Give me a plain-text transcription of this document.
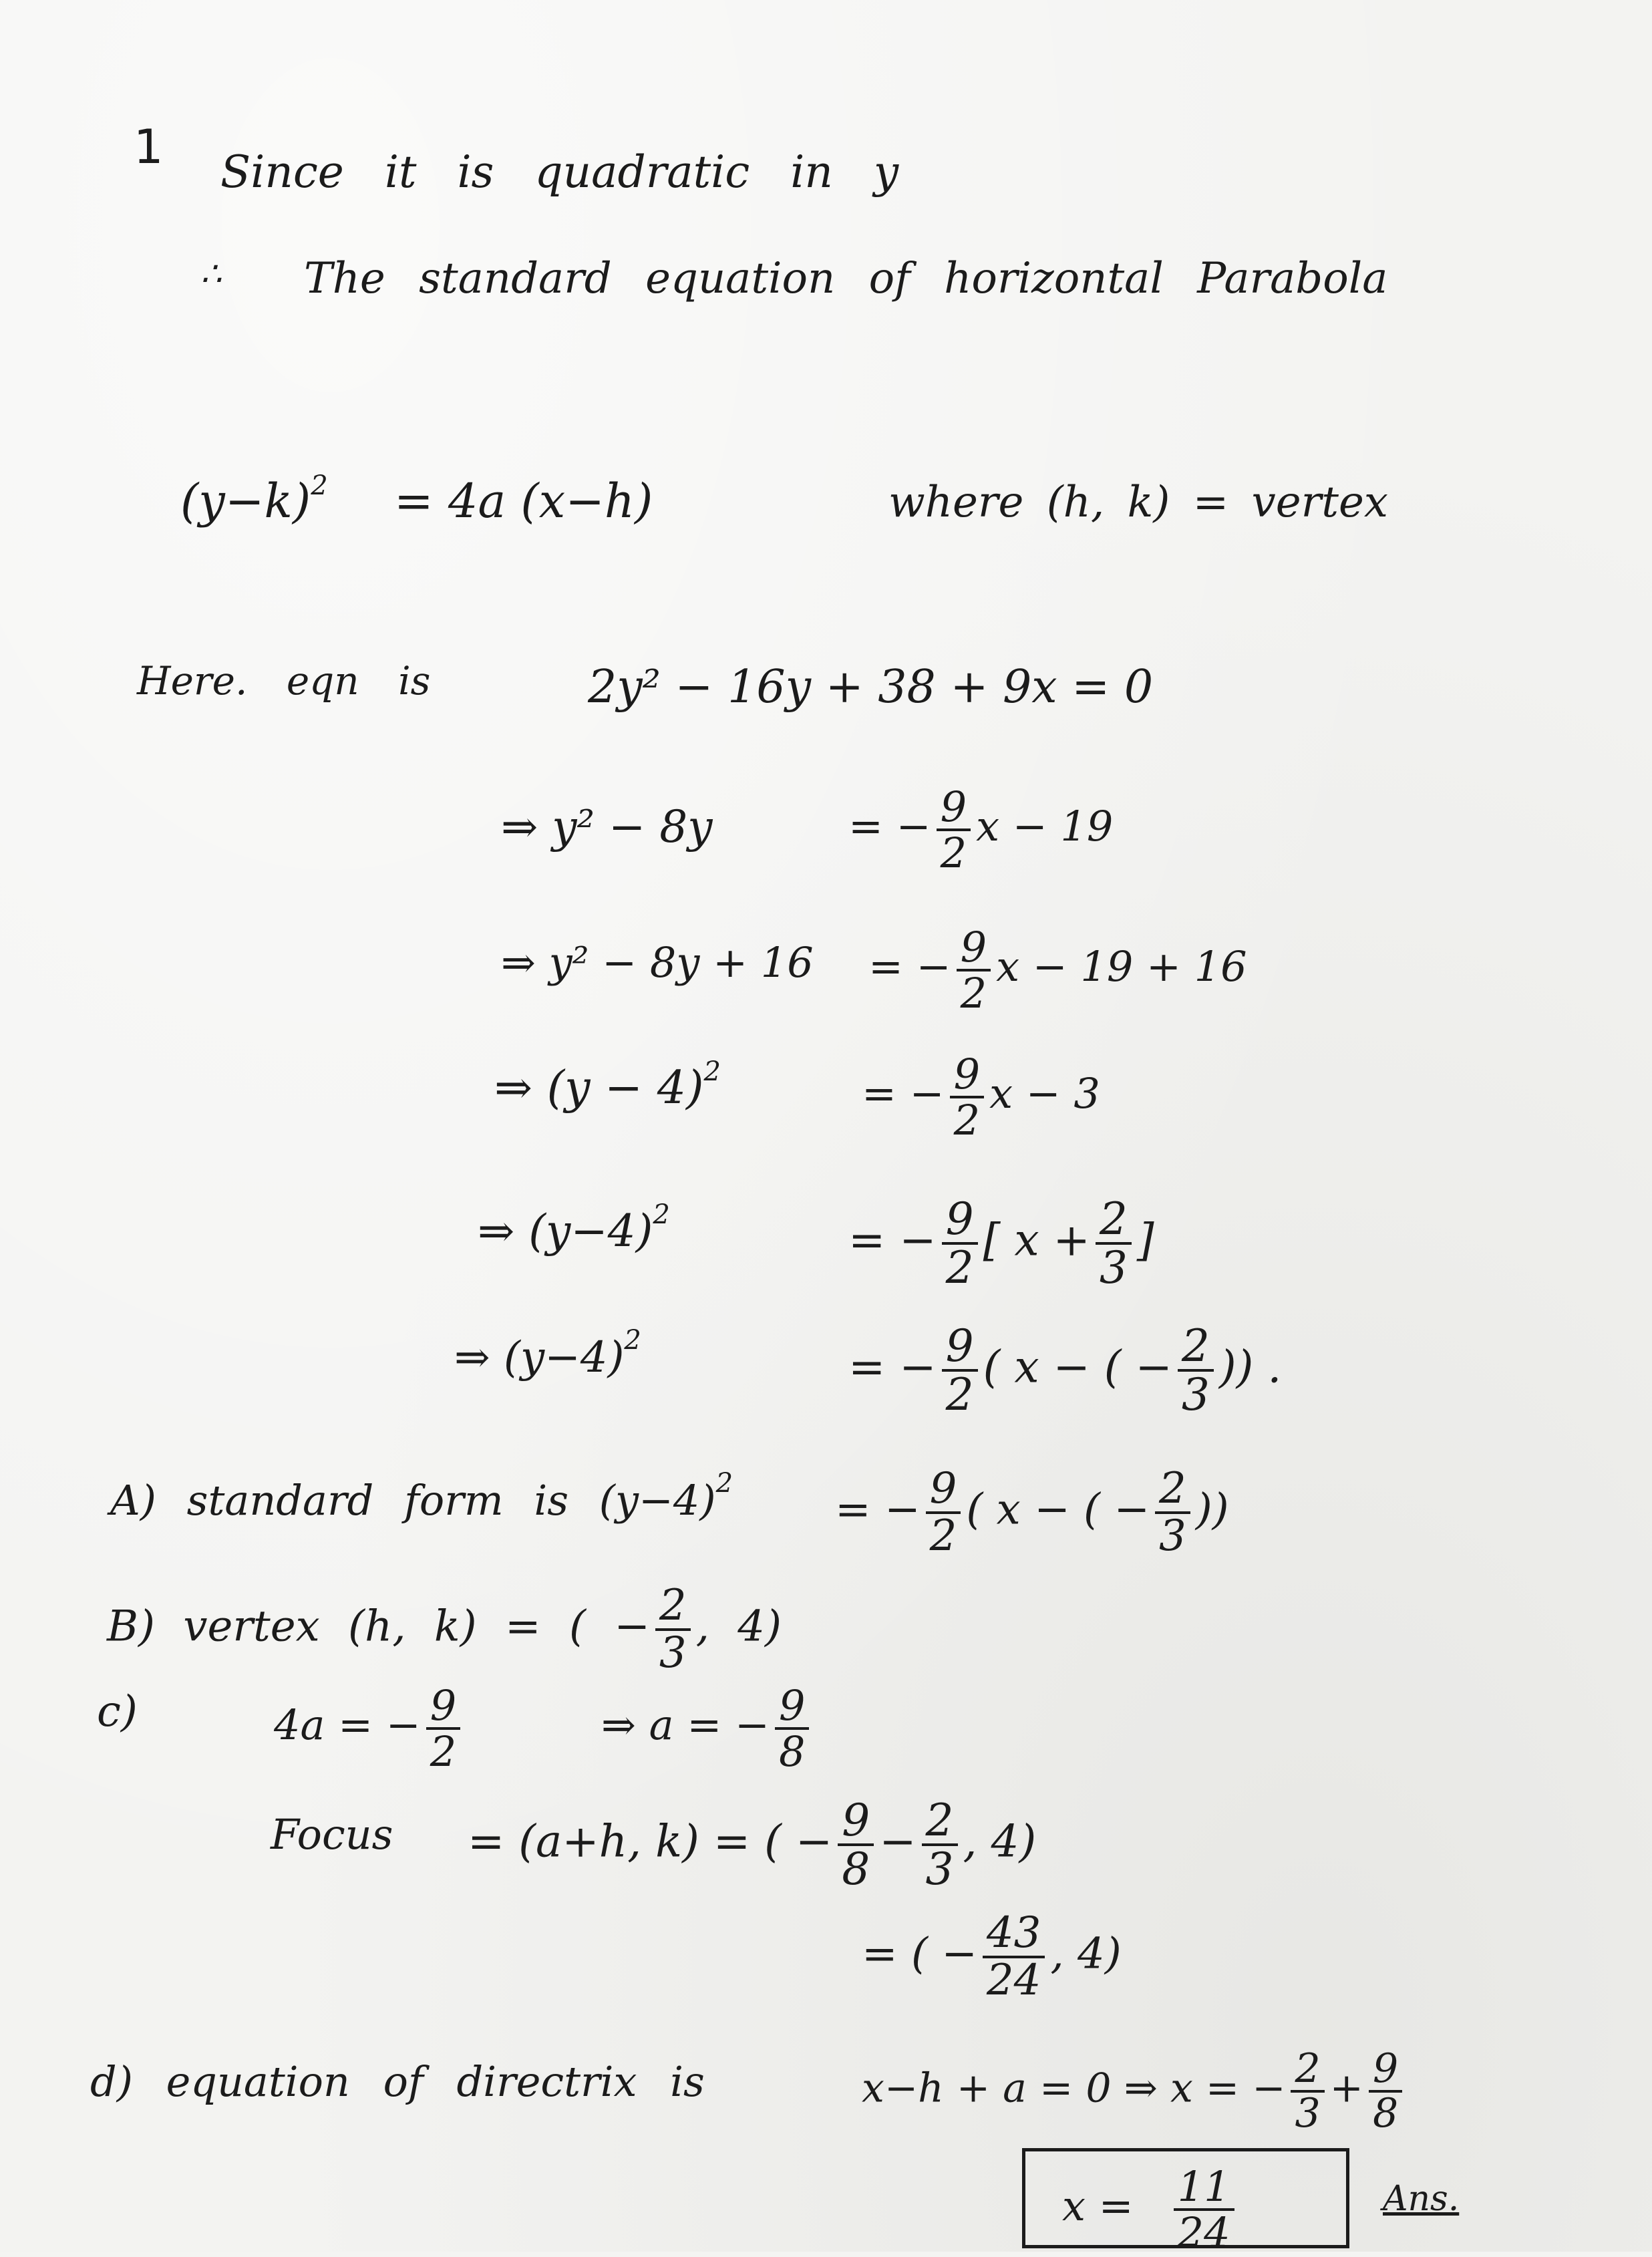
1 Since it is quadratic in y
∴ The standard equation of horizontal Parabola
$(y-k)^2 = 4a$ (x−h)	where (h, k) = vertex
Here. eqn is	2y² − 16y + 38 + 9x = 0
⇒ y² − 8y	= − $\frac{9}{2}$ x − 19
⇒ y² − 8y + 16 = − $\frac{9}{2}$ x − 19 + 16
⇒ $(y - 4)^2$	= − $\frac{9}{2}$ x − 3
⇒ $(y-4)^2$	= − $\frac{9}{2}$ [ $x + \frac{2}{3}$ ]
⇒ $(y-4)^2$
= − $\frac{9}{2}$ ( x − ( − $\frac{2}{3}$ )) .
A) standard form is $(y-4)^2$
= − $\frac{9}{2}$ ( x − ( − $\frac{2}{3}$ ))
B) vertex (h, k) = ( − $\frac{2}{3}$ , 4)
c)	4a = − $\frac{9}{2}$	⇒ a = − $\frac{9}{8}$
Focus = (a+h, k) = ( − $\frac{9}{8} - \frac{2}{3}$ , 4)
= ( − $\frac{43}{24}$ , 4)
d) equation of directrix is	x−h + a = 0 ⇒ x = − $\frac{2}{3} + \frac{9}{8}$
$x = \frac{11}{24}$	Ans.
